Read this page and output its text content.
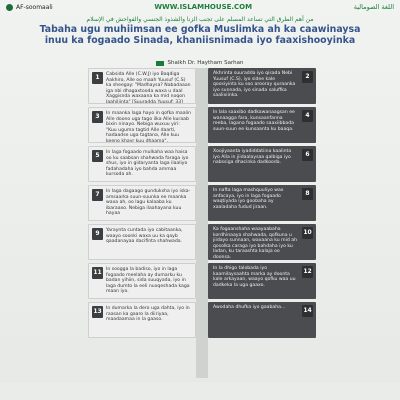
AF-soomaali	WWW.ISLAMHOUSE.COM	اللغة الصومالية
من أهم الطرق التي تساعد المسلم على تجنب الزنا والشذوذ الجنسي والفواحش في الإسلام
Tabaha ugu muhiimsan ee gofka Muslimka ah ka caawinaysa inuu ka fogaado Sinada, khaniisnimada iyo faaxishooyinka
Shaikh Dr. Haytham Sarhan
1	Cabsida Alle (C.W.J) iyo Baqdiga Aakhiro, Alle oo maah Yuusuf (C.S) ka sheegay: "Madhaysa? Nabadaaan iga nbi dhagaxtooda waxa u daal Xaggisnda waxaana ka mid noqon Jaahiliinta" [Suuradda Yuusuf: 33]
2
Akhrinta suuradda iyo qisada Nebi Yuusuf (C.S), iyo sidee kale qoosiyinta ku soo arooray quraanka iyo sunnada, iyo sinada saluffka saalixiinka.
3	In maanka laga hayo in qofka maalin Alle doono uga tago ilka Alle kuraab bixin ninayo. Nebiga wuxuu yiri: "Kuu uguma tagtid Alle daarti, hadaadse uga tagtana, Alle kuu keeno khayr kuu dhaama".
4
In lala saaxibo dadkawanaagsan ee wanaagga fara, kunsaanfanna reeba, lagana fogaado saaxiibbada suun-suun ee kunsaanta ku baaqa.
5	In laga fogaado mulkaha waa haisa oo ku saabsan shahwada faraga iyo shus, iyo in gidaryanta laga ilaaliyo fadahadaha iyo bahda ammaa kursoda ah.
6
Xoojiyaanta iyadiddatiina kaalinta iyo Alla in jiidaalaysaa qalbiga iyo nabssiga dhacinka dadkooda.
7	In laga dagaago gunduksha iyo iska-amsaarka suun-suunka ee maanka waxa ah, oo lagu kalaaba ku ibaraaxo. Nebiga ilaahayana kuu hayaa
8
In nafta laga mashquuliyo wax anfacaya, iyo in laga fogaado waqtiyada iyo goobaha ay xaaladaha fudud jiraan.
9	Yaraynta cuntada iyo cabitaanka, waayo soonki waxa uu ka qayb qaadanayaa dacifinta shahwada.
10
Ka fogaanshaha waayaabaha kordhinaaya shahwada, qofkuna u jiidayo sunnaan, waxaana ku mid ah qosolka caraga iyo bahdaha iyo ku ladan, ku taraashta kalaja oo doonsa.
11 In soogga la badiso, iyo in laga fogaado meelaha ay dumarku ku badan yihiin, sida suuqyada, iyo in laga dumto la eeli nuxqeshada kaga maan iyo.
12
In la dhigo talobada iyo kaamilaysaahta marka ay doonta kale arkayaan, waayo qofku waa uu dadkeka la uga gaaxo.
13 In dumarka la dero uga dahta, iyo in raasan ka gaaro la diiriyaa, maadaamaa in la gaaso.
14
Awodaha dhufka iyo gaabaha...
